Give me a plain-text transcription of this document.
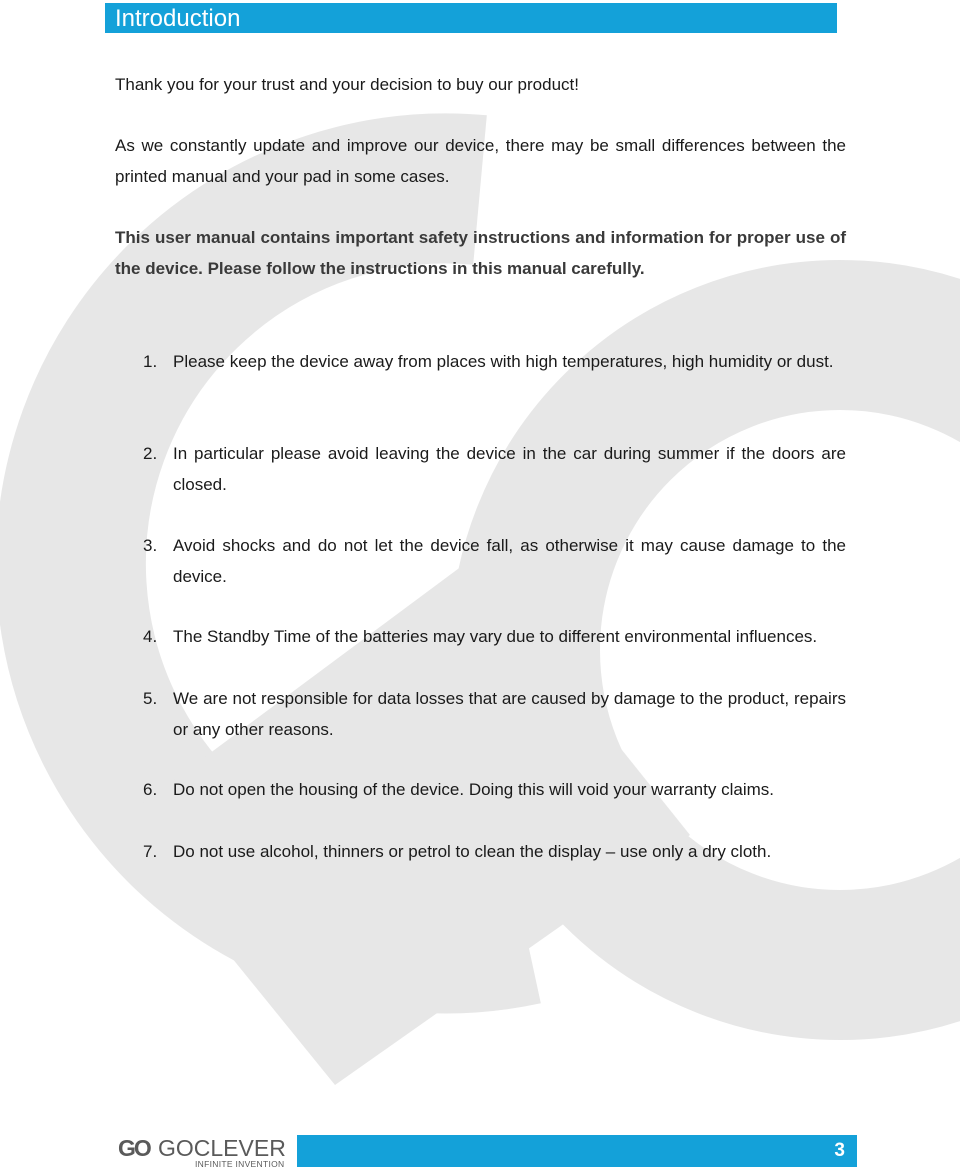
Introduction

Thank you for your trust and your decision to buy our product!

As we constantly update and improve our device, there may be small differences between the printed manual and your pad in some cases.

This user manual contains important safety instructions and information for proper use of the device. Please follow the instructions in this manual carefully.

1. Please keep the device away from places with high temperatures, high humidity or dust.

2. In particular please avoid leaving the device in the car during summer if the doors are closed.

3. Avoid shocks and do not let the device fall, as otherwise it may cause damage to the device.

4. The Standby Time of the batteries may vary due to different environmental influences.

5. We are not responsible for data losses that are caused by damage to the product, repairs or any other reasons.

6. Do not open the housing of the device. Doing this will void your warranty claims.

7. Do not use alcohol, thinners or petrol to clean the display – use only a dry cloth.

GO GOCLEVER
INFINITE INVENTION
3
